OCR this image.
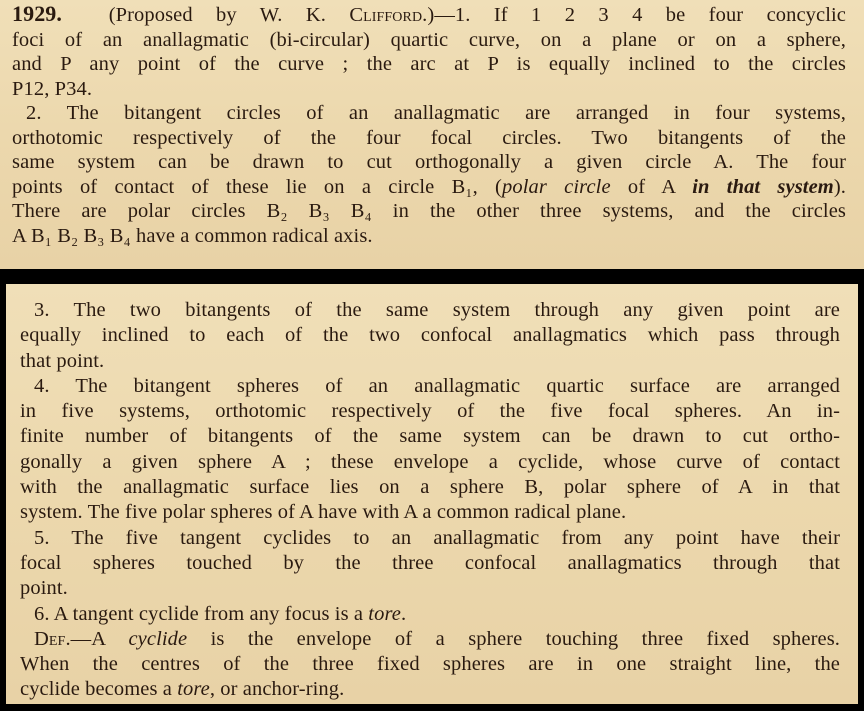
1929. (Proposed by W. K. Clifford.)—1. If 1 2 3 4 be four concyclic
foci of an anallagmatic (bi-circular) quartic curve, on a plane or on a sphere,
and P any point of the curve ; the arc at P is equally inclined to the circles
P12, P34.
2. The bitangent circles of an anallagmatic are arranged in four systems,
orthotomic respectively of the four focal circles. Two bitangents of the
same system can be drawn to cut orthogonally a given circle A. The four
points of contact of these lie on a circle B₁, (polar circle of A in that system).
There are polar circles B₂ B₃ B₄ in the other three systems, and the circles
A B₁ B₂ B₃ B₄ have a common radical axis.
3. The two bitangents of the same system through any given point are
equally inclined to each of the two confocal anallagmatics which pass through
that point.
4. The bitangent spheres of an anallagmatic quartic surface are arranged
in five systems, orthotomic respectively of the five focal spheres. An in-
finite number of bitangents of the same system can be drawn to cut ortho-
gonally a given sphere A ; these envelope a cyclide, whose curve of contact
with the anallagmatic surface lies on a sphere B, polar sphere of A in that
system. The five polar spheres of A have with A a common radical plane.
5. The five tangent cyclides to an anallagmatic from any point have their
focal spheres touched by the three confocal anallagmatics through that
point.
6. A tangent cyclide from any focus is a tore.
Def.—A cyclide is the envelope of a sphere touching three fixed spheres.
When the centres of the three fixed spheres are in one straight line, the
cyclide becomes a tore, or anchor-ring.
